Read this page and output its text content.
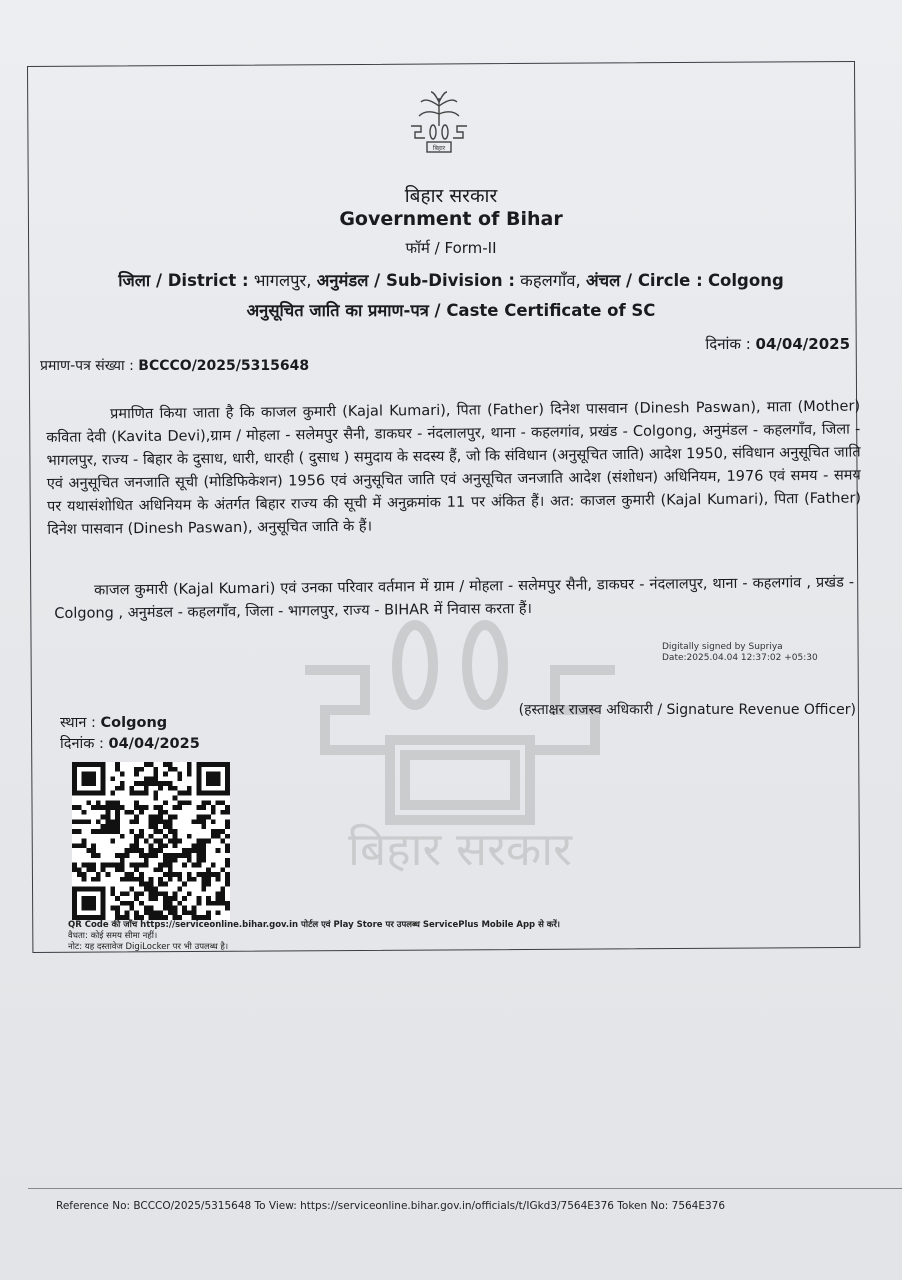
बिहार
बिहार सरकार
बिहार सरकार
Government of Bihar
फॉर्म / Form-II
जिला / District : भागलपुर, अनुमंडल / Sub-Division : कहलगाँव, अंचल / Circle : Colgong
अनुसूचित जाति का प्रमाण-पत्र / Caste Certificate of SC
दिनांक : 04/04/2025
प्रमाण-पत्र संख्या : BCCCO/2025/5315648
प्रमाणित किया जाता है कि काजल कुमारी (Kajal Kumari), पिता (Father) दिनेश पासवान (Dinesh Paswan), माता (Mother) कविता देवी (Kavita Devi),ग्राम / मोहला - सलेमपुर सैनी, डाकघर - नंदलालपुर, थाना - कहलगांव, प्रखंड - Colgong, अनुमंडल - कहलगाँव, जिला - भागलपुर, राज्य - बिहार के दुसाध, धारी, धारही ( दुसाध ) समुदाय के सदस्य हैं, जो कि संविधान (अनुसूचित जाति) आदेश 1950, संविधान अनुसूचित जाति एवं अनुसूचित जनजाति सूची (मोडिफिकेशन) 1956 एवं अनुसूचित जाति एवं अनुसूचित जनजाति आदेश (संशोधन) अधिनियम, 1976 एवं समय - समय पर यथासंशोधित अधिनियम के अंतर्गत बिहार राज्य की सूची में अनुक्रमांक 11 पर अंकित हैं। अत: काजल कुमारी (Kajal Kumari), पिता (Father) दिनेश पासवान (Dinesh Paswan), अनुसूचित जाति के हैं।
काजल कुमारी (Kajal Kumari) एवं उनका परिवार वर्तमान में ग्राम / मोहला - सलेमपुर सैनी, डाकघर - नंदलालपुर, थाना - कहलगांव , प्रखंड - Colgong , अनुमंडल - कहलगाँव, जिला - भागलपुर, राज्य - BIHAR में निवास करता हैं।
Digitally signed by Supriya
Date:2025.04.04 12:37:02 +05:30
(हस्ताक्षर राजस्व अधिकारी / Signature Revenue Officer)
स्थान : Colgong
दिनांक : 04/04/2025
QR Code की जाँच https://serviceonline.bihar.gov.in पोर्टल एवं Play Store पर उपलब्ध ServicePlus Mobile App से करें।
वैधता: कोई समय सीमा नहीं।
नोट: यह दस्तावेज DigiLocker पर भी उपलब्ध है।
Reference No: BCCCO/2025/5315648 To View: https://serviceonline.bihar.gov.in/officials/t/IGkd3/7564E376 Token No: 7564E376
